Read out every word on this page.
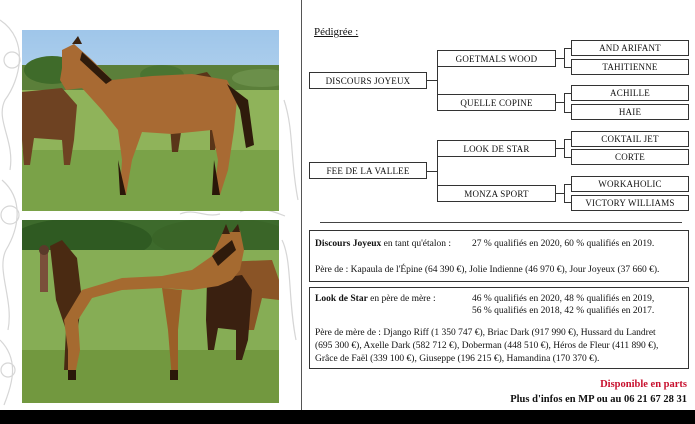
Pédigrée :
DISCOURS JOYEUX
FEE DE LA VALLEE
GOETMALS WOOD
QUELLE COPINE
LOOK DE STAR
MONZA SPORT
AND ARIFANT
TAHITIENNE
ACHILLE
HAIE
COKTAIL JET
CORTE
WORKAHOLIC
VICTORY WILLIAMS
Discours Joyeux en tant qu'étalon : 27 % qualifiés en 2020, 60 % qualifiés en 2019.
Père de : Kapaula de l'Épine (64 390 €), Jolie Indienne (46 970 €), Jour Joyeux (37 660 €).
Look de Star en père de mère :	46 % qualifiés en 2020, 48 % qualifiés en 2019,
56 % qualifiés en 2018, 42 % qualifiés en 2017.
Père de mère de : Django Riff (1 350 747 €), Briac Dark (917 990 €), Hussard du Landret
(695 300 €), Axelle Dark (582 712 €), Doberman (448 510 €), Héros de Fleur (411 890 €),
Grâce de Faël (339 100 €), Giuseppe (196 215 €), Hamandina (170 370 €).
Disponible en parts
Plus d'infos en MP ou au 06 21 67 28 31
